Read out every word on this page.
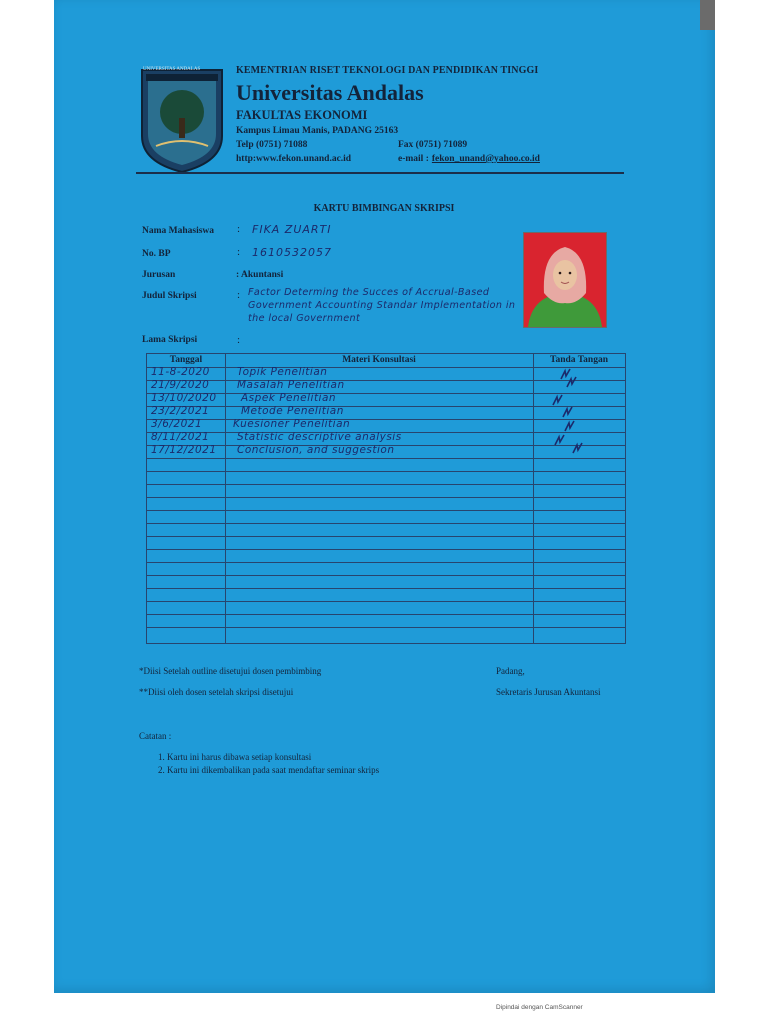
UNIVERSITAS ANDALAS	KEMENTRIAN RISET TEKNOLOGI DAN PENDIDIKAN TINGGI
Universitas Andalas
FAKULTAS EKONOMI
Kampus Limau Manis, PADANG 25163
Telp (0751) 71088
http:www.fekon.unand.ac.id
Fax (0751) 71089
e-mail : fekon_unand@yahoo.co.id
KARTU BIMBINGAN SKRIPSI
Nama Mahasiswa : FIKA ZUARTI
No. BP	: 1610532057
Jurusan	: Akuntansi
Judul Skripsi	: Factor Determing the Succes of Accrual-Based Government Accounting Standar Implementation in the local Government
Lama Skripsi	:
Tanggal	Materi Konsultasi	Tanda Tangan
11-8-2020	Topik Penelitian
21/9/2020	Masalah Penelitian
13/10/2020 Aspek Penelitian
23/2/2021	Metode Penelitian
3/6/2021	Kuesioner Penelitian
8/11/2021	Statistic descriptive analysis
17/12/2021 Conclusion, and suggestion
*Diisi Setelah outline disetujui dosen pembimbing
**Diisi oleh dosen setelah skripsi disetujui
Padang,
Sekretaris Jurusan Akuntansi
Catatan :
1. Kartu ini harus dibawa setiap konsultasi
2. Kartu ini dikembalikan pada saat mendaftar seminar skrips
Dipindai dengan CamScanner
